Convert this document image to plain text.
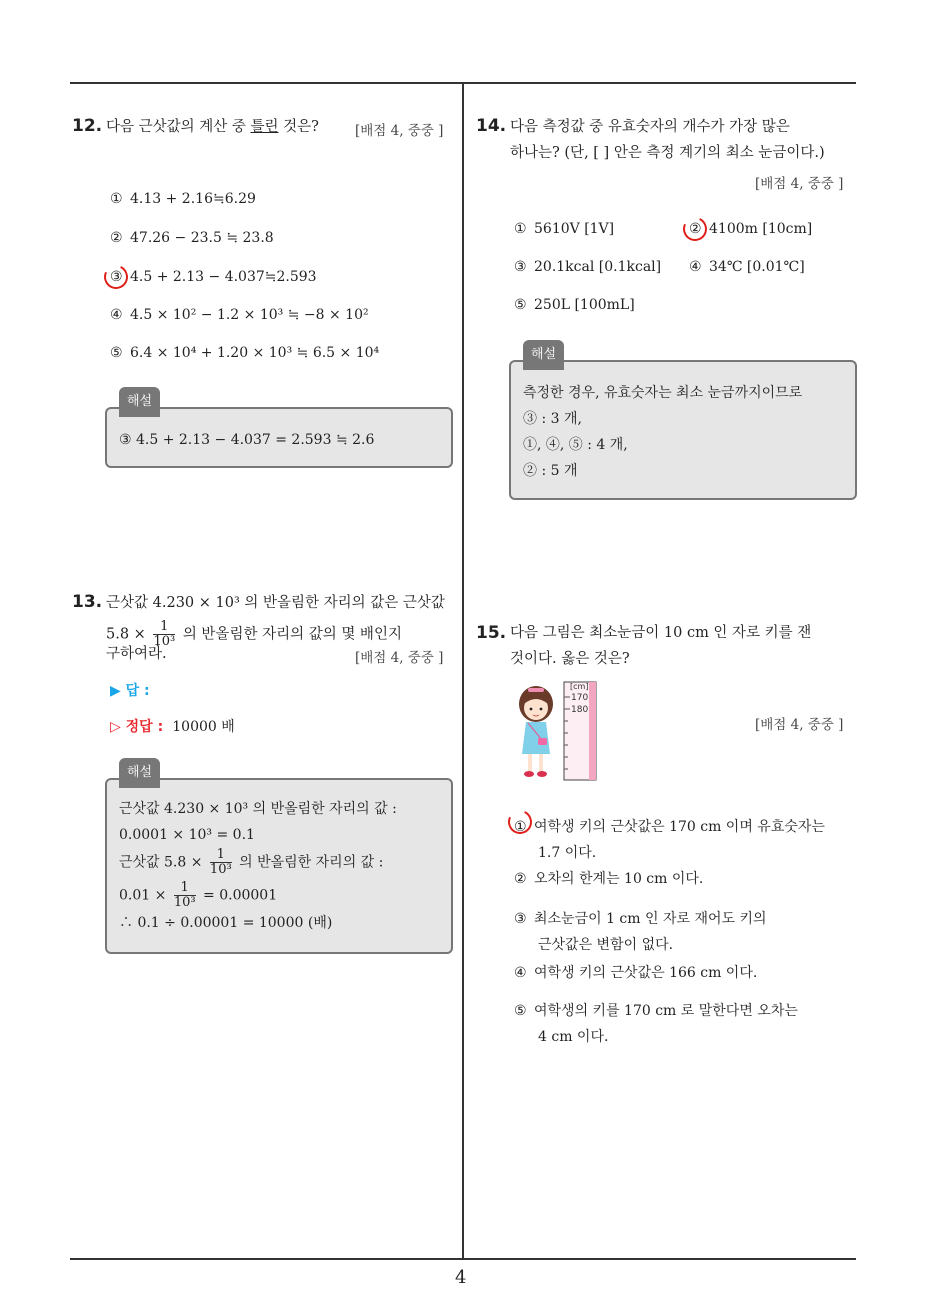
4
12. 다음 근삿값의 계산 중 틀린 것은?	[배점 4, 중중 ]
① 4.13 + 2.16≒6.29
② 47.26 − 23.5 ≒ 23.8
③ 4.5 + 2.13 − 4.037≒2.593
④ 4.5 × 10² − 1.2 × 10³ ≒ −8 × 10²
⑤ 6.4 × 10⁴ + 1.20 × 10³ ≒ 6.5 × 10⁴
해설
③ 4.5 + 2.13 − 4.037 = 2.593 ≒ 2.6
13. 근삿값 4.230 × 10³ 의 반올림한 자리의 값은 근삿값
$5.8 \times \frac{1}{\text{10³}}$ 의 반올림한 자리의 값의 몇 배인지
구하여라.	[배점 4, 중중 ]
▶ 답 :
▷ 정답 : 10000 배
해설
근삿값 4.230 × 10³ 의 반올림한 자리의 값 :
0.0001 × 10³ = 0.1
근삿값 $5.8 \times \frac{1}{\text{10³}}$ 의 반올림한 자리의 값 :
$0.01 \times \frac{1}{\text{10³}} = 0.00001$
∴ 0.1 ÷ 0.00001 = 10000 (배)
14. 다음 측정값 중 유효숫자의 개수가 가장 많은
하나는? (단, [ ] 안은 측정 계기의 최소 눈금이다.)
[배점 4, 중중 ]
① 5610V [1V]	② 4100m [10cm]
③ 20.1kcal [0.1kcal] ④ 34℃ [0.01℃]
⑤ 250L [100mL]
해설
측정한 경우, 유효숫자는 최소 눈금까지이므로
③ : 3 개,
①, ④, ⑤ : 4 개,
② : 5 개
15. 다음 그림은 최소눈금이 10 cm 인 자로 키를 잰
것이다. 옳은 것은?
[cm]
170
180
[배점 4, 중중 ]
① 여학생 키의 근삿값은 170 cm 이며 유효숫자는
1.7 이다.
② 오차의 한계는 10 cm 이다.
③ 최소눈금이 1 cm 인 자로 재어도 키의
근삿값은 변함이 없다.
④ 여학생 키의 근삿값은 166 cm 이다.
⑤ 여학생의 키를 170 cm 로 말한다면 오차는
4 cm 이다.
